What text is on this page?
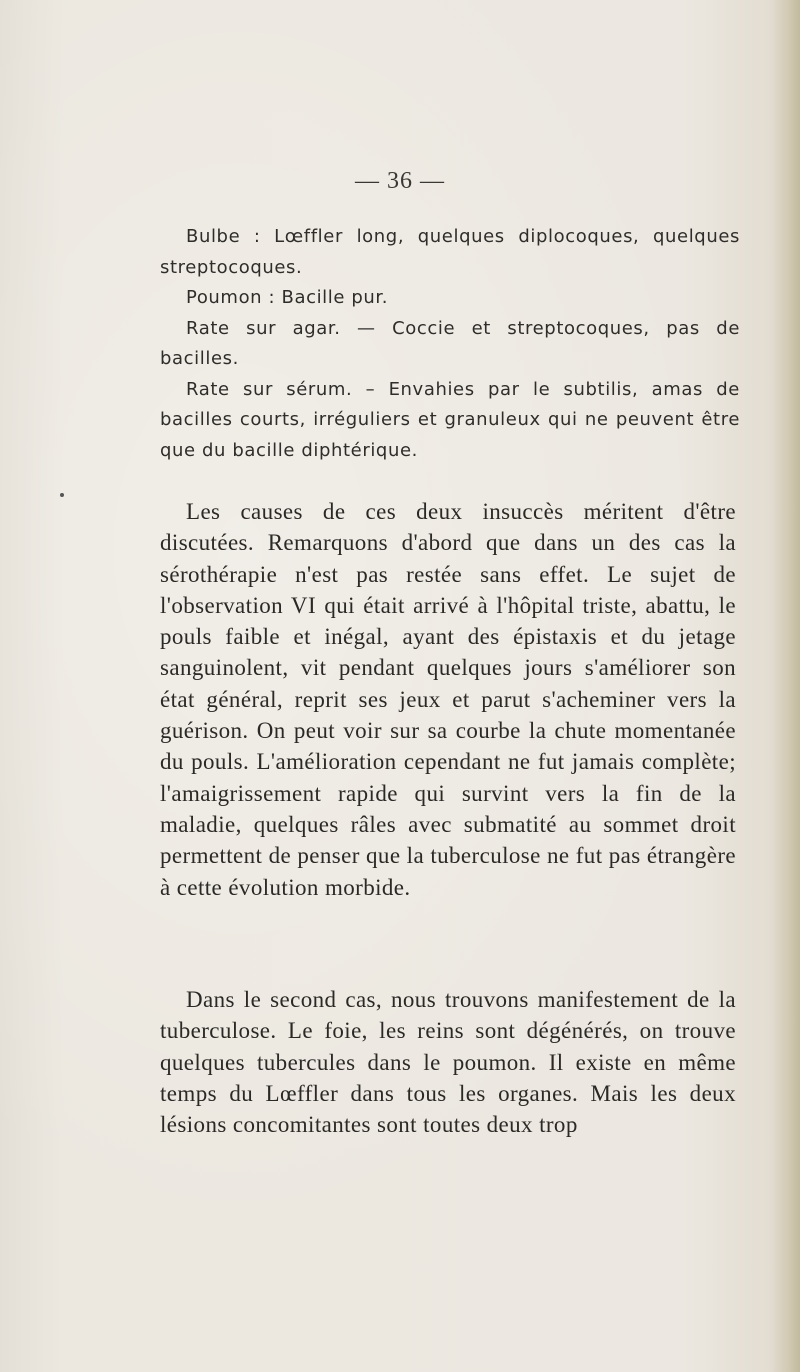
— 36 —

Bulbe : Lœffler long, quelques diplocoques, quelques streptocoques.

Poumon : Bacille pur.

Rate sur agar. — Coccie et streptocoques, pas de bacilles.

Rate sur sérum. – Envahies par le subtilis, amas de bacilles courts, irréguliers et granuleux qui ne peuvent être que du bacille diphtérique.

Les causes de ces deux insuccès méritent d'être discutées. Remarquons d'abord que dans un des cas la sérothérapie n'est pas restée sans effet. Le sujet de l'observation VI qui était arrivé à l'hôpital triste, abattu, le pouls faible et inégal, ayant des épistaxis et du jetage sanguinolent, vit pendant quelques jours s'améliorer son état général, reprit ses jeux et parut s'acheminer vers la guérison. On peut voir sur sa courbe la chute momentanée du pouls. L'amélioration cependant ne fut jamais complète; l'amaigrissement rapide qui survint vers la fin de la maladie, quelques râles avec submatité au sommet droit permettent de penser que la tuberculose ne fut pas étrangère à cette évolution morbide.

Dans le second cas, nous trouvons manifestement de la tuberculose. Le foie, les reins sont dégénérés, on trouve quelques tubercules dans le poumon. Il existe en même temps du Lœffler dans tous les organes. Mais les deux lésions concomitantes sont toutes deux trop
